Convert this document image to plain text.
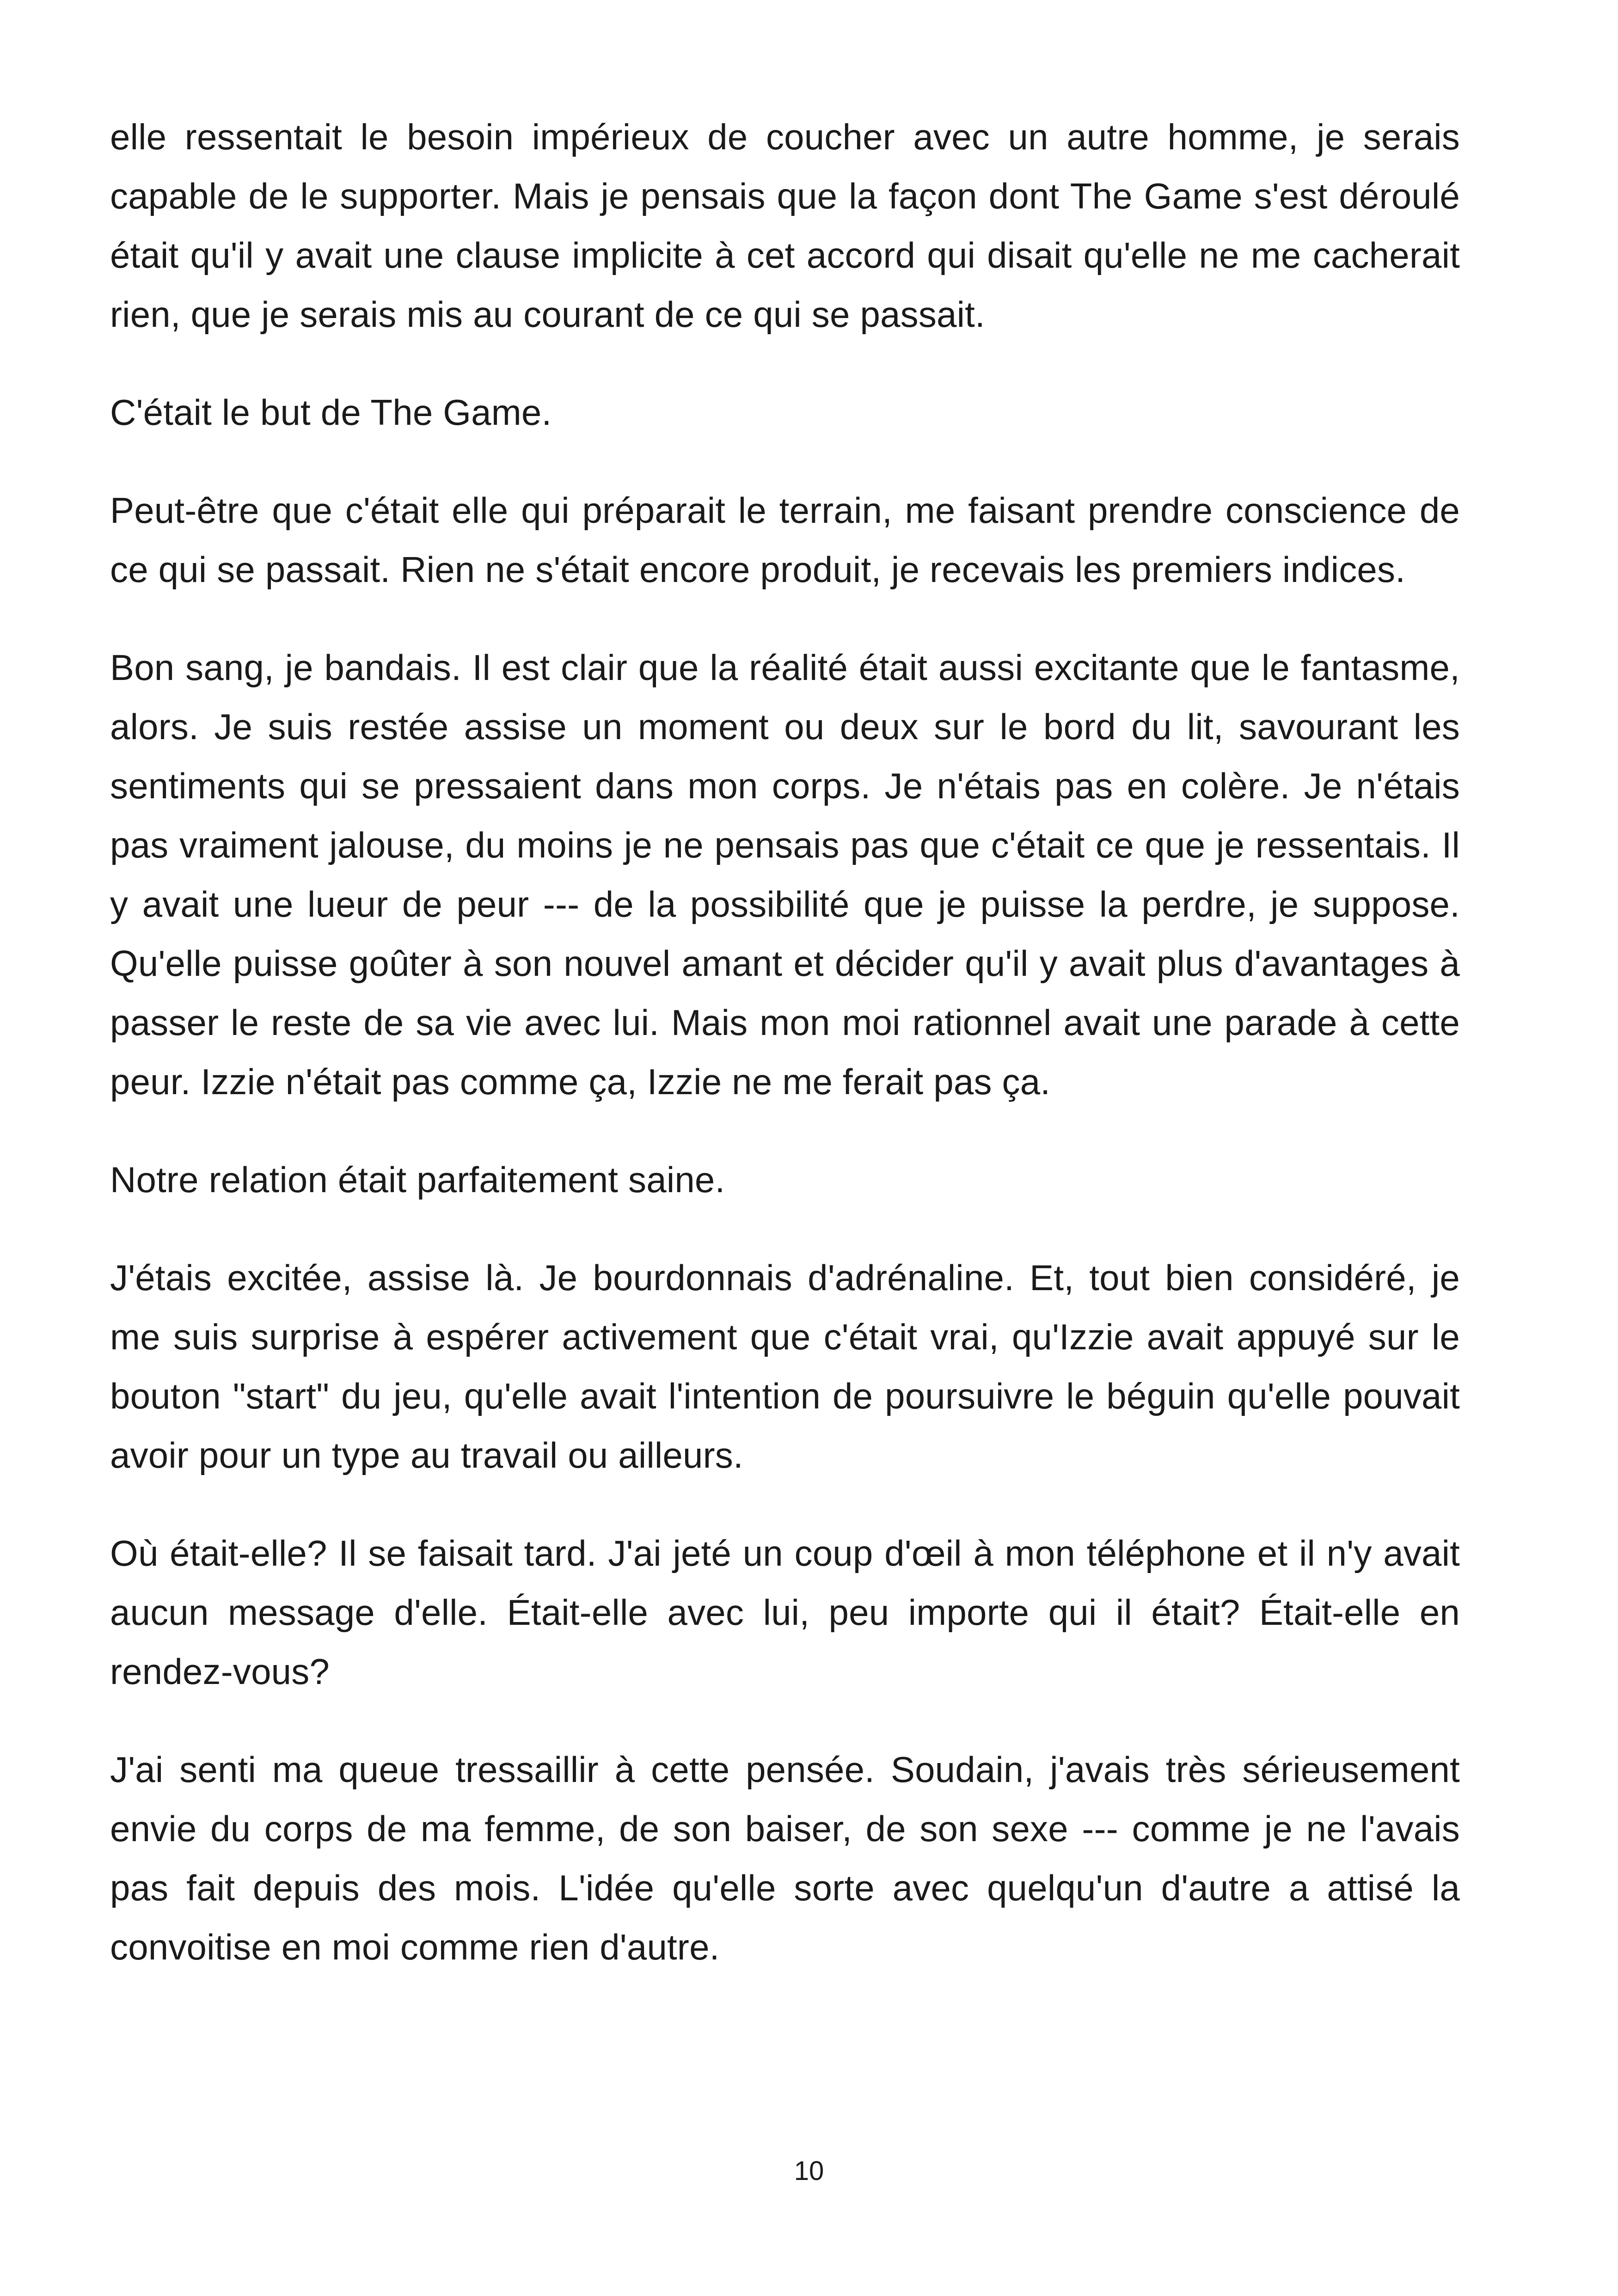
elle ressentait le besoin impérieux de coucher avec un autre homme, je serais capable de le supporter. Mais je pensais que la façon dont The Game s'est déroulé était qu'il y avait une clause implicite à cet accord qui disait qu'elle ne me cacherait rien, que je serais mis au courant de ce qui se passait.

C'était le but de The Game.

Peut-être que c'était elle qui préparait le terrain, me faisant prendre conscience de ce qui se passait. Rien ne s'était encore produit, je recevais les premiers indices.

Bon sang, je bandais. Il est clair que la réalité était aussi excitante que le fantasme, alors. Je suis restée assise un moment ou deux sur le bord du lit, savourant les sentiments qui se pressaient dans mon corps. Je n'étais pas en colère. Je n'étais pas vraiment jalouse, du moins je ne pensais pas que c'était ce que je ressentais. Il y avait une lueur de peur --- de la possibilité que je puisse la perdre, je suppose. Qu'elle puisse goûter à son nouvel amant et décider qu'il y avait plus d'avantages à passer le reste de sa vie avec lui. Mais mon moi rationnel avait une parade à cette peur. Izzie n'était pas comme ça, Izzie ne me ferait pas ça.

Notre relation était parfaitement saine.

J'étais excitée, assise là. Je bourdonnais d'adrénaline. Et, tout bien considéré, je me suis surprise à espérer activement que c'était vrai, qu'Izzie avait appuyé sur le bouton "start" du jeu, qu'elle avait l'intention de poursuivre le béguin qu'elle pouvait avoir pour un type au travail ou ailleurs.

Où était-elle? Il se faisait tard. J'ai jeté un coup d'œil à mon téléphone et il n'y avait aucun message d'elle. Était-elle avec lui, peu importe qui il était? Était-elle en rendez-vous?

J'ai senti ma queue tressaillir à cette pensée. Soudain, j'avais très sérieusement envie du corps de ma femme, de son baiser, de son sexe --- comme je ne l'avais pas fait depuis des mois. L'idée qu'elle sorte avec quelqu'un d'autre a attisé la convoitise en moi comme rien d'autre.

10
